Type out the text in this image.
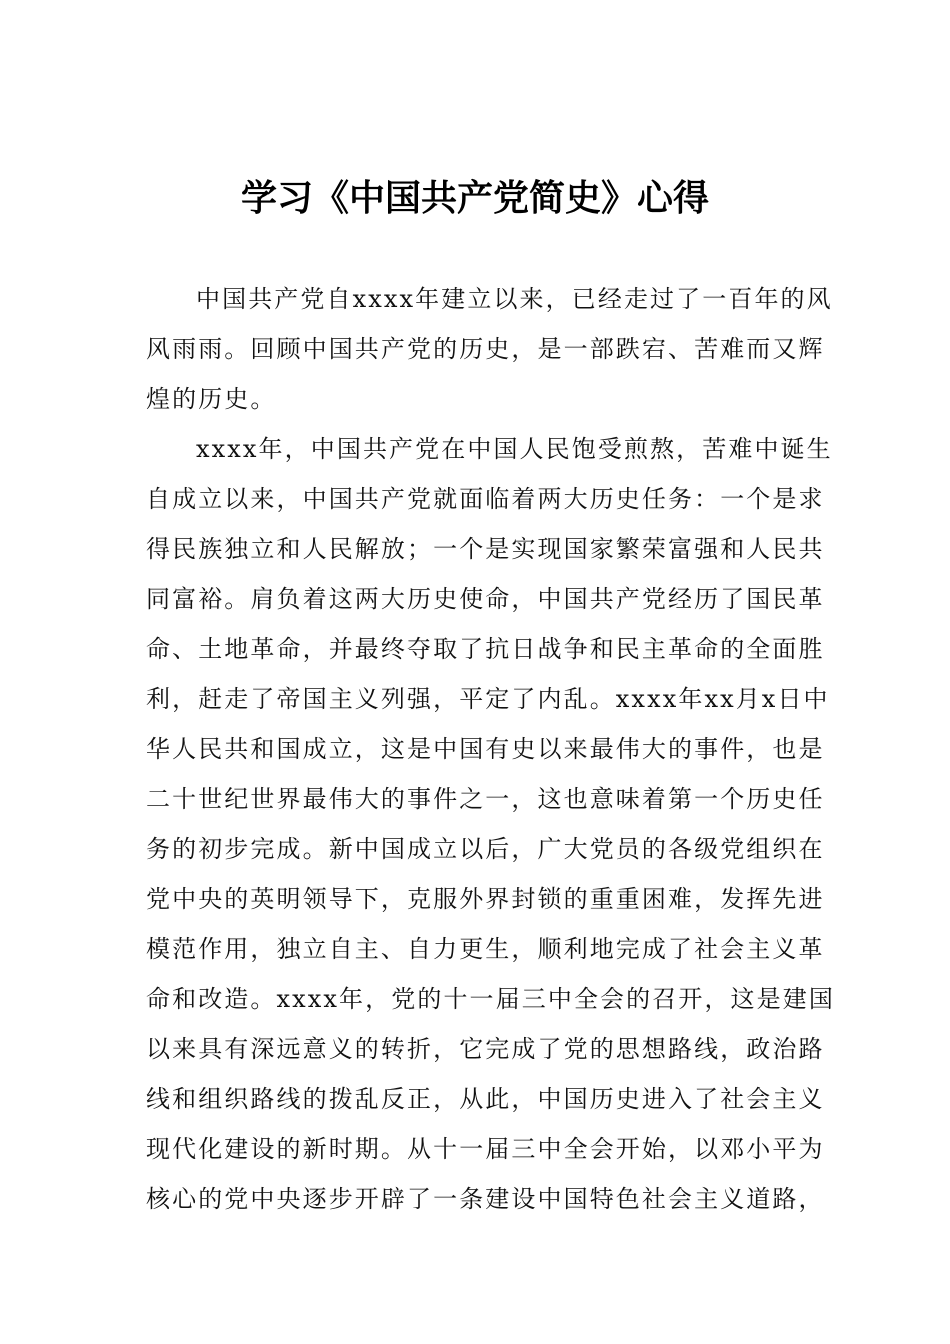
学习《中国共产党简史》心得
中国共产党自xxxx年建立以来，已经走过了一百年的风
风雨雨。回顾中国共产党的历史，是一部跌宕、苦难而又辉
煌的历史。
xxxx年，中国共产党在中国人民饱受煎熬，苦难中诞生
自成立以来，中国共产党就面临着两大历史任务：一个是求
得民族独立和人民解放；一个是实现国家繁荣富强和人民共
同富裕。肩负着这两大历史使命，中国共产党经历了国民革
命、土地革命，并最终夺取了抗日战争和民主革命的全面胜
利，赶走了帝国主义列强，平定了内乱。xxxx年xx月x日中
华人民共和国成立，这是中国有史以来最伟大的事件，也是
二十世纪世界最伟大的事件之一，这也意味着第一个历史任
务的初步完成。新中国成立以后，广大党员的各级党组织在
党中央的英明领导下，克服外界封锁的重重困难，发挥先进
模范作用，独立自主、自力更生，顺利地完成了社会主义革
命和改造。xxxx年，党的十一届三中全会的召开，这是建国
以来具有深远意义的转折，它完成了党的思想路线，政治路
线和组织路线的拨乱反正，从此，中国历史进入了社会主义
现代化建设的新时期。从十一届三中全会开始，以邓小平为
核心的党中央逐步开辟了一条建设中国特色社会主义道路，
